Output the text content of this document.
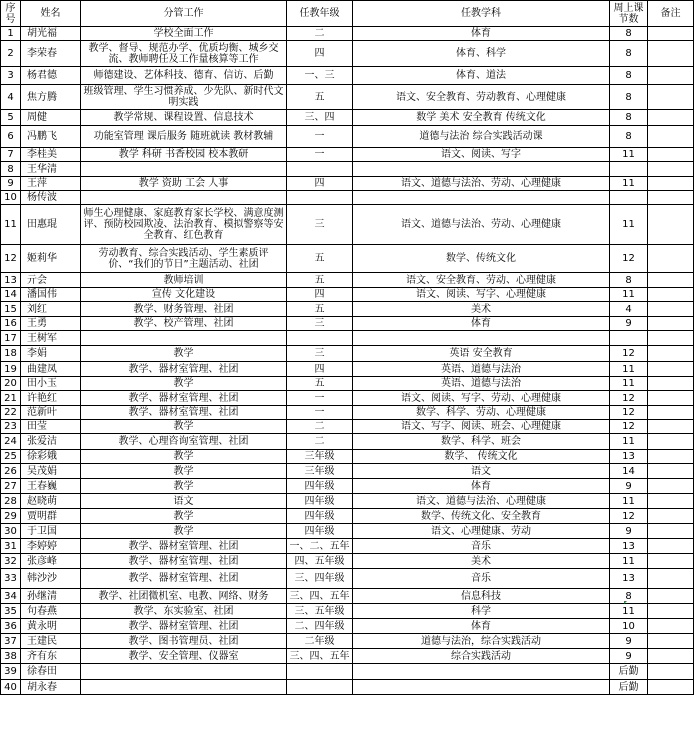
序号	姓名	分管工作	任教年级	任教学科	周上课节数	备注
1	胡光福	学校全面工作	二	体育	8	
2	李荣春	教学、督导、规范办学、优质均衡、城乡交流、教师聘任及工作量核算等工作	四	体育、科学	8	
3	杨君德	师德建设、艺体科技、德育、信访、后勤	一、三	体育、道法	8	
4	焦方腾	班级管理、学生习惯养成、少先队、新时代文明实践	五	语文、安全教育、劳动教育、心理健康	8	
5	周健	教学常规、课程设置、信息技术	三、四	数学 美术 安全教育 传统文化	8	
6	冯鹏飞	功能室管理 课后服务 随班就读 教材教辅	一	道德与法治 综合实践活动课	8	
7	李桂美	教学 科研 书香校园 校本教研	一	语文、阅读、写字	11	
8	王华清					
9	王萍	教学 资助 工会 人事	四	语文、道德与法治、劳动、心理健康	11	
10	杨传波					
11	田惠琨	师生心理健康、家庭教育家长学校、满意度测评、预防校园欺凌、法治教育、模拟警察等安全教育、红色教育	三	语文、道德与法治、劳动、心理健康	11	
12	姬莉华	劳动教育、综合实践活动、学生素质评价、“我们的节日”主题活动、社团	五	数学、传统文化	12	
13	亓会	教师培训	五	语文、安全教育、劳动、心理健康	8	
14	潘国伟	宣传 文化建设	四	语文、阅读、写字、心理健康	11	
15	刘红	教学、财务管理、社团	五	美术	4	
16	王勇	教学、校产管理、社团	三	体育	9	
17	王树军					
18	李娟	教学	三	英语 安全教育	12	
19	曲建凤	教学、器材室管理、社团	四	英语、道德与法治	11	
20	田小玉	教学	五	英语、道德与法治	11	
21	许艳红	教学、器材室管理、社团	一	语文、阅读、写字、劳动、心理健康	12	
22	范新叶	教学、器材室管理、社团	一	数学、科学、劳动、心理健康	12	
23	田莹	教学	二	语文、写字、阅读、班会、心理健康	12	
24	张爱洁	教学、心理咨询室管理、社团	二	数学、科学、班会	11	
25	徐彩娥	教学	三年级	数学、 传统文化	13	
26	吴茂娟	教学	三年级	语文	14	
27	王春巍	教学	四年级	体育	9	
28	赵晓萌	语文	四年级	语文、道德与法治、心理健康	11	
29	贾明群	教学	四年级	数学、传统文化、安全教育	12	
30	于卫国	教学	四年级	语文、心理健康、劳动	9	
31	李婷婷	教学、器材室管理、社团	一、二、五年	音乐	13	
32	张彦峰	教学、器材室管理、社团	四、五年级	美术	11	
33	韩沙沙	教学、器材室管理、社团	三、四年级	音乐	13	
34	孙继清	教学、社团微机室、电教、网络、财务	三、四、五年	信息科技	8	
35	句春燕	教学、东实验室、社团	三、五年级	科学	11	
36	黄永明	教学、器材室管理、社团	二、四年级	体育	10	
37	王建民	教学、图书管理员、社团	二年级	道德与法治，综合实践活动	9	
38	齐有东	教学、安全管理、仪器室	三、四、五年	综合实践活动	9	
39	徐春田				后勤	
40	胡永春				后勤	
